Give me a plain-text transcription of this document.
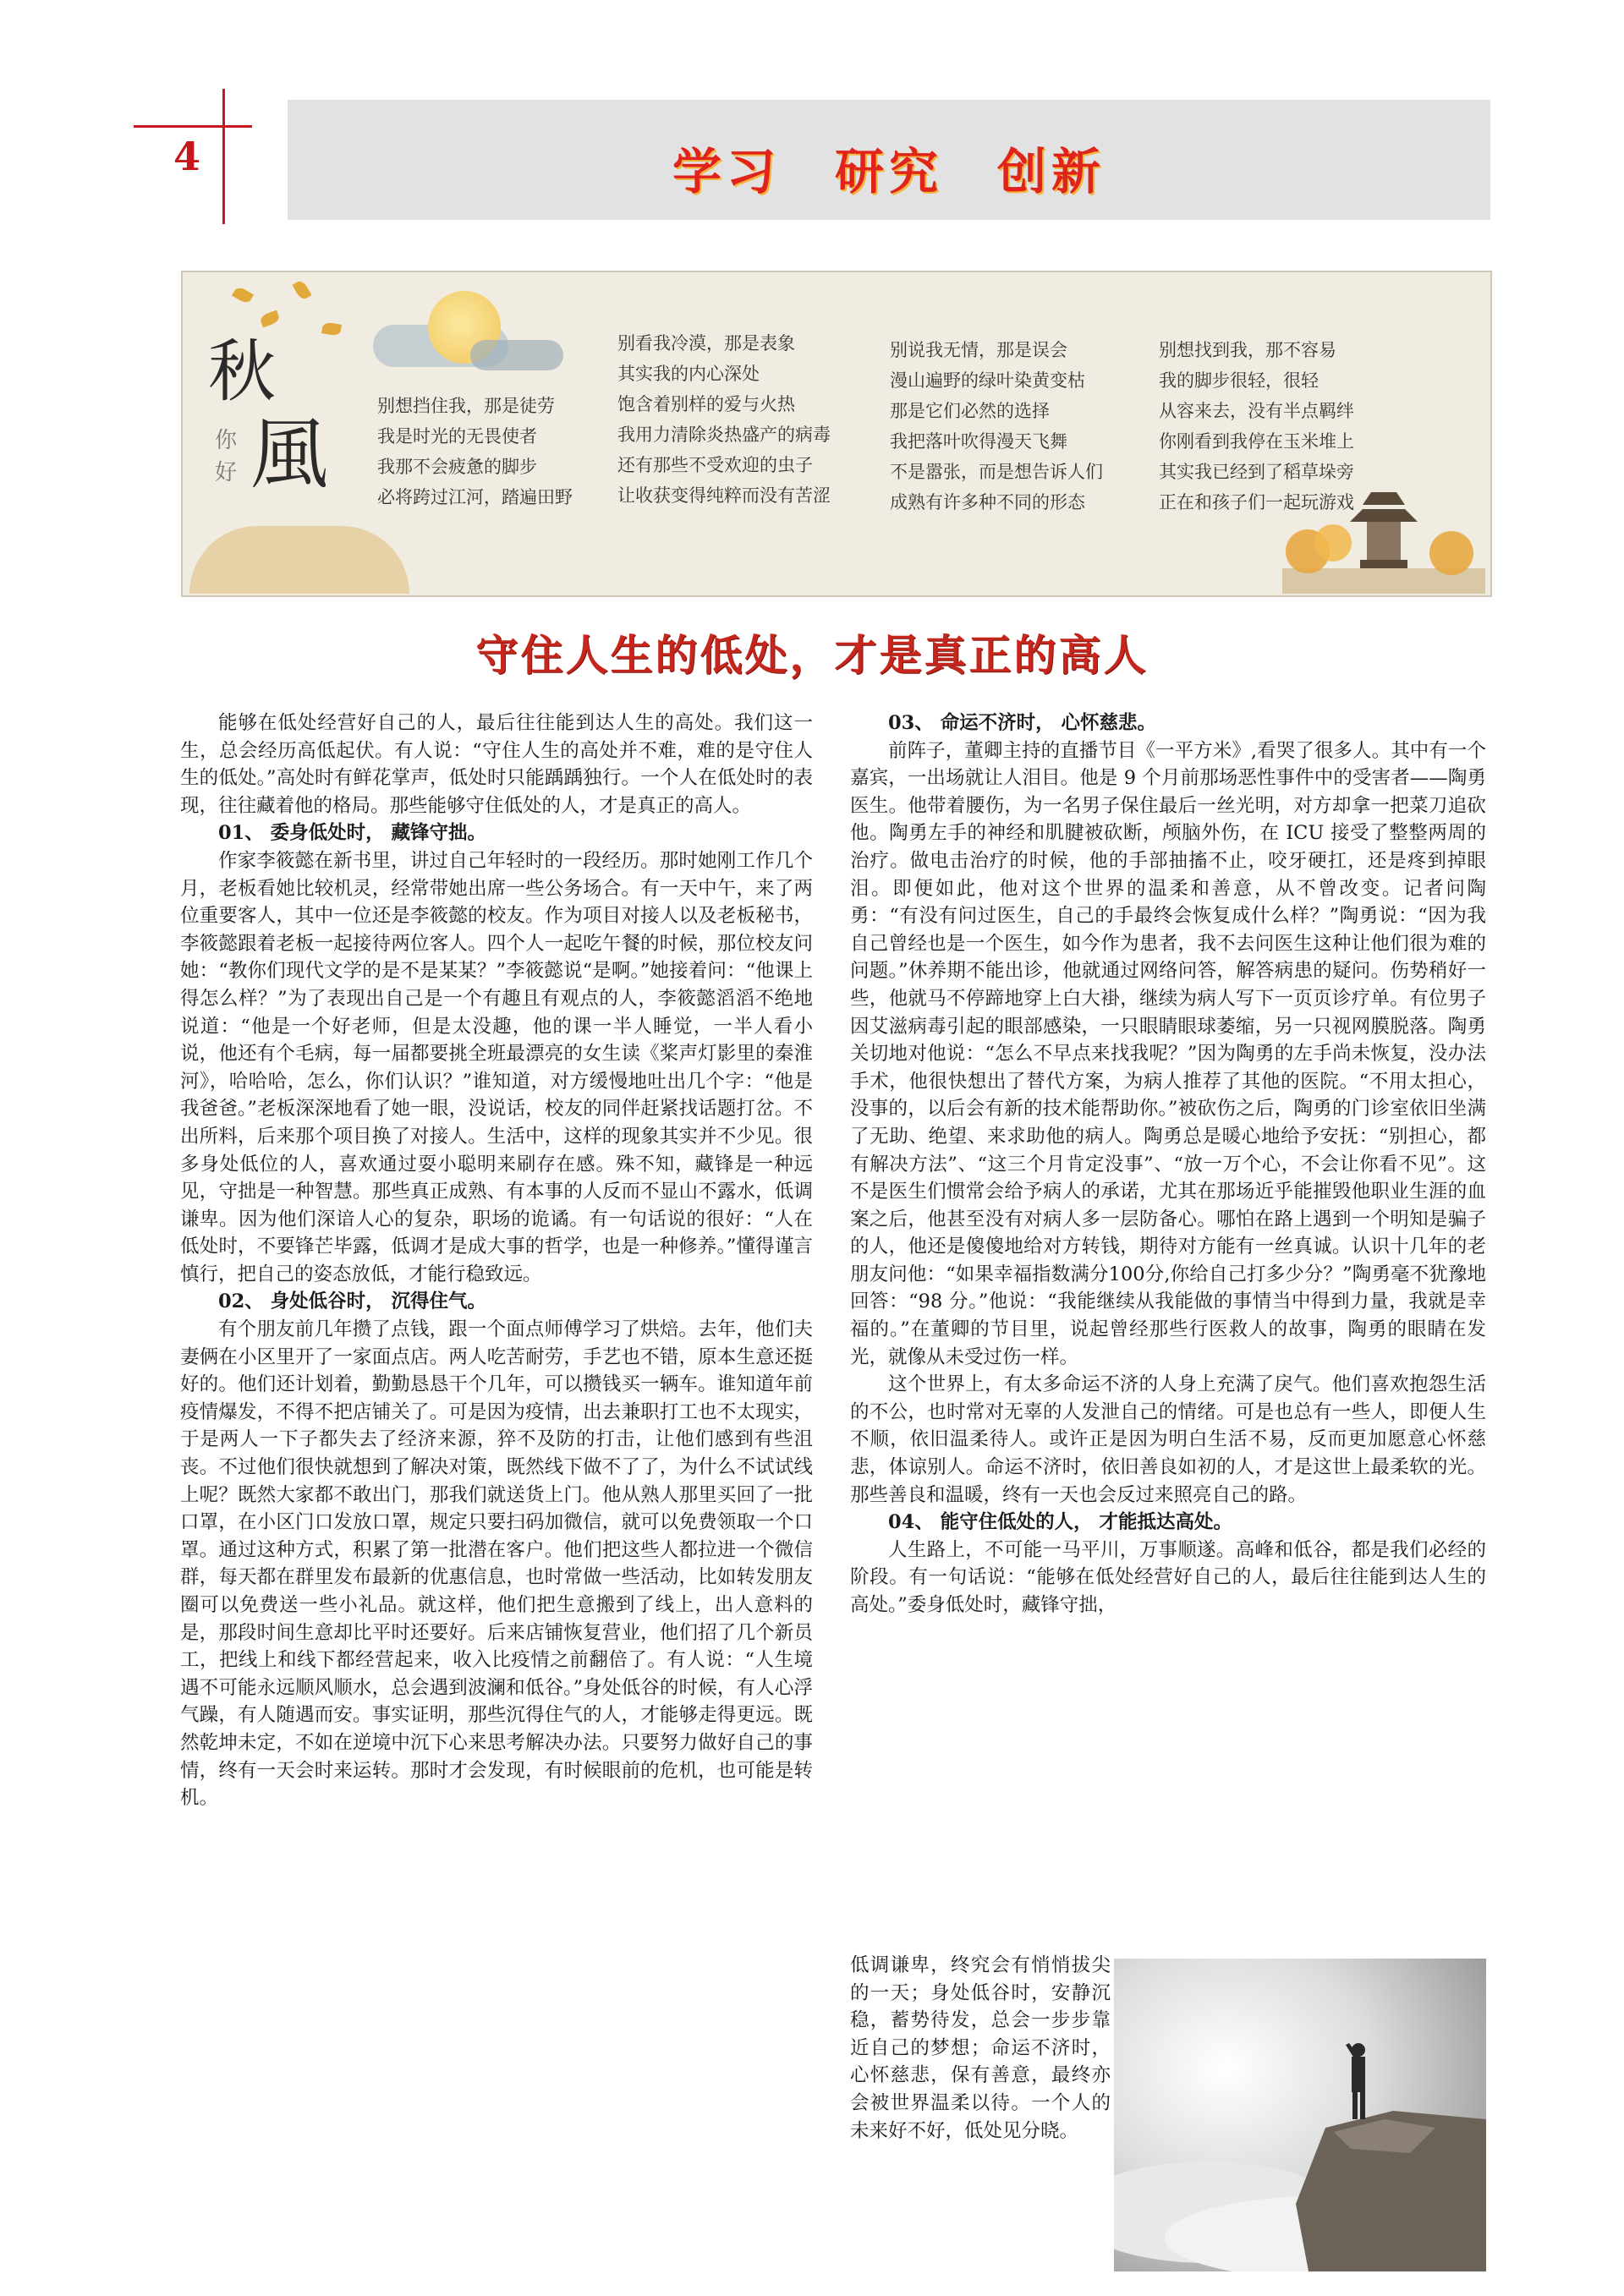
4	学习　研究　创新
秋
你
好 風
别想挡住我，那是徒劳
我是时光的无畏使者
我那不会疲惫的脚步
必将跨过江河，踏遍田野
别看我冷漠，那是表象
其实我的内心深处
饱含着别样的爱与火热
我用力清除炎热盛产的病毒
还有那些不受欢迎的虫子
让收获变得纯粹而没有苦涩
别说我无情，那是误会
漫山遍野的绿叶染黄变枯
那是它们必然的选择
我把落叶吹得漫天飞舞
不是嚣张，而是想告诉人们
成熟有许多种不同的形态
别想找到我，那不容易
我的脚步很轻，很轻
从容来去，没有半点羁绊
你刚看到我停在玉米堆上
其实我已经到了稻草垛旁
正在和孩子们一起玩游戏
守住人生的低处，才是真正的高人

能够在低处经营好自己的人，最后往往能到达人生的高处。我们这一生，总会经历高低起伏。有人说：“守住人生的高处并不难，难的是守住人生的低处。”高处时有鲜花掌声，低处时只能踽踽独行。一个人在低处时的表现，往往藏着他的格局。那些能够守住低处的人，才是真正的高人。

01、 委身低处时， 藏锋守拙。

作家李筱懿在新书里，讲过自己年轻时的一段经历。那时她刚工作几个月，老板看她比较机灵，经常带她出席一些公务场合。有一天中午，来了两位重要客人，其中一位还是李筱懿的校友。作为项目对接人以及老板秘书，李筱懿跟着老板一起接待两位客人。四个人一起吃午餐的时候，那位校友问她：“教你们现代文学的是不是某某？”李筱懿说“是啊。”她接着问：“他课上得怎么样？”为了表现出自己是一个有趣且有观点的人，李筱懿滔滔不绝地说道：“他是一个好老师，但是太没趣，他的课一半人睡觉，一半人看小说，他还有个毛病，每一届都要挑全班最漂亮的女生读《桨声灯影里的秦淮河》，哈哈哈，怎么，你们认识？”谁知道，对方缓慢地吐出几个字：“他是我爸爸。”老板深深地看了她一眼，没说话，校友的同伴赶紧找话题打岔。不出所料，后来那个项目换了对接人。生活中，这样的现象其实并不少见。很多身处低位的人，喜欢通过耍小聪明来刷存在感。殊不知，藏锋是一种远见，守拙是一种智慧。那些真正成熟、有本事的人反而不显山不露水，低调谦卑。因为他们深谙人心的复杂，职场的诡谲。有一句话说的很好：“人在低处时，不要锋芒毕露，低调才是成大事的哲学，也是一种修养。”懂得谨言慎行，把自己的姿态放低，才能行稳致远。

02、 身处低谷时， 沉得住气。

有个朋友前几年攒了点钱，跟一个面点师傅学习了烘焙。去年，他们夫妻俩在小区里开了一家面点店。两人吃苦耐劳，手艺也不错，原本生意还挺好的。他们还计划着，勤勤恳恳干个几年，可以攒钱买一辆车。谁知道年前疫情爆发，不得不把店铺关了。可是因为疫情，出去兼职打工也不太现实，于是两人一下子都失去了经济来源，猝不及防的打击，让他们感到有些沮丧。不过他们很快就想到了解决对策，既然线下做不了了，为什么不试试线上呢？既然大家都不敢出门，那我们就送货上门。他从熟人那里买回了一批口罩，在小区门口发放口罩，规定只要扫码加微信，就可以免费领取一个口罩。通过这种方式，积累了第一批潜在客户。他们把这些人都拉进一个微信群，每天都在群里发布最新的优惠信息，也时常做一些活动，比如转发朋友圈可以免费送一些小礼品。就这样，他们把生意搬到了线上，出人意料的是，那段时间生意却比平时还要好。后来店铺恢复营业，他们招了几个新员工，把线上和线下都经营起来，收入比疫情之前翻倍了。有人说：“人生境遇不可能永远顺风顺水，总会遇到波澜和低谷。”身处低谷的时候，有人心浮气躁，有人随遇而安。事实证明，那些沉得住气的人，才能够走得更远。既然乾坤未定，不如在逆境中沉下心来思考解决办法。只要努力做好自己的事情，终有一天会时来运转。那时才会发现，有时候眼前的危机，也可能是转机。

03、 命运不济时， 心怀慈悲。

前阵子，董卿主持的直播节目《一平方米》,看哭了很多人。其中有一个嘉宾，一出场就让人泪目。他是 9 个月前那场恶性事件中的受害者——陶勇医生。他带着腰伤，为一名男子保住最后一丝光明，对方却拿一把菜刀追砍他。陶勇左手的神经和肌腱被砍断，颅脑外伤，在 ICU 接受了整整两周的治疗。做电击治疗的时候，他的手部抽搐不止，咬牙硬扛，还是疼到掉眼泪。即便如此，他对这个世界的温柔和善意，从不曾改变。记者问陶勇：“有没有问过医生，自己的手最终会恢复成什么样？”陶勇说：“因为我自己曾经也是一个医生，如今作为患者，我不去问医生这种让他们很为难的问题。”休养期不能出诊，他就通过网络问答，解答病患的疑问。伤势稍好一些，他就马不停蹄地穿上白大褂，继续为病人写下一页页诊疗单。有位男子因艾滋病毒引起的眼部感染，一只眼睛眼球萎缩，另一只视网膜脱落。陶勇关切地对他说：“怎么不早点来找我呢？”因为陶勇的左手尚未恢复，没办法手术，他很快想出了替代方案，为病人推荐了其他的医院。“不用太担心，没事的，以后会有新的技术能帮助你。”被砍伤之后，陶勇的门诊室依旧坐满了无助、绝望、来求助他的病人。陶勇总是暖心地给予安抚：“别担心，都有解决方法”、“这三个月肯定没事”、“放一万个心，不会让你看不见”。这不是医生们惯常会给予病人的承诺，尤其在那场近乎能摧毁他职业生涯的血案之后，他甚至没有对病人多一层防备心。哪怕在路上遇到一个明知是骗子的人，他还是傻傻地给对方转钱，期待对方能有一丝真诚。认识十几年的老朋友问他：“如果幸福指数满分100分,你给自己打多少分？”陶勇毫不犹豫地回答：“98 分。”他说：“我能继续从我能做的事情当中得到力量，我就是幸福的。”在董卿的节目里，说起曾经那些行医救人的故事，陶勇的眼睛在发光，就像从未受过伤一样。

这个世界上，有太多命运不济的人身上充满了戾气。他们喜欢抱怨生活的不公，也时常对无辜的人发泄自己的情绪。可是也总有一些人，即便人生不顺，依旧温柔待人。或许正是因为明白生活不易，反而更加愿意心怀慈悲，体谅别人。命运不济时，依旧善良如初的人，才是这世上最柔软的光。那些善良和温暖，终有一天也会反过来照亮自己的路。

04、 能守住低处的人， 才能抵达高处。

人生路上，不可能一马平川，万事顺遂。高峰和低谷，都是我们必经的阶段。有一句话说：“能够在低处经营好自己的人，最后往往能到达人生的高处。”委身低处时，藏锋守拙，

低调谦卑，终究会有悄悄拔尖的一天；身处低谷时，安静沉稳，蓄势待发，总会一步步靠近自己的梦想；命运不济时，心怀慈悲，保有善意，最终亦会被世界温柔以待。一个人的未来好不好，低处见分晓。
